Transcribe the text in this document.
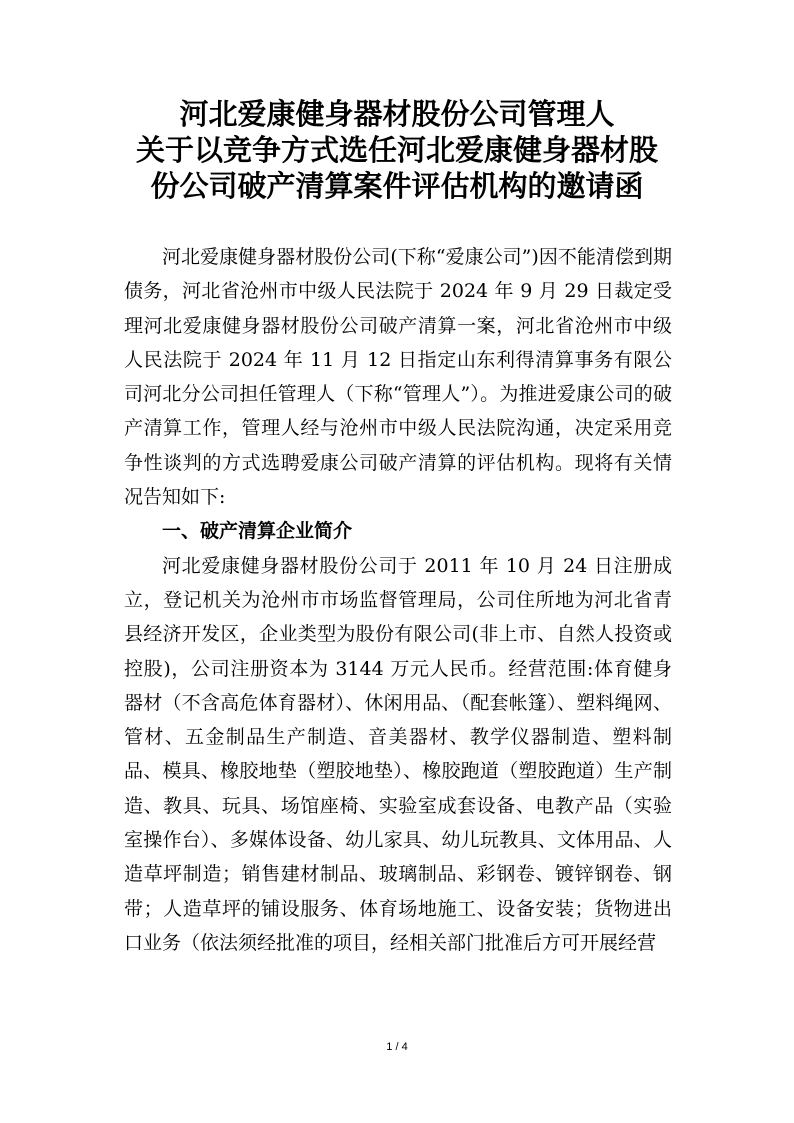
河北爱康健身器材股份公司管理人
关于以竞争方式选任河北爱康健身器材股
份公司破产清算案件评估机构的邀请函

河北爱康健身器材股份公司(下称“爱康公司”)因不能清偿到期债务，河北省沧州市中级人民法院于 2024 年 9 月 29 日裁定受理河北爱康健身器材股份公司破产清算一案，河北省沧州市中级人民法院于 2024 年 11 月 12 日指定山东利得清算事务有限公司河北分公司担任管理人（下称“管理人”）。为推进爱康公司的破产清算工作，管理人经与沧州市中级人民法院沟通，决定采用竞争性谈判的方式选聘爱康公司破产清算的评估机构。现将有关情况告知如下:

一、破产清算企业简介

河北爱康健身器材股份公司于 2011 年 10 月 24 日注册成立，登记机关为沧州市市场监督管理局，公司住所地为河北省青县经济开发区，企业类型为股份有限公司(非上市、自然人投资或控股)，公司注册资本为 3144 万元人民币。经营范围:体育健身器材（不含高危体育器材）、休闲用品、（配套帐篷）、塑料绳网、管材、五金制品生产制造、音美器材、教学仪器制造、塑料制品、模具、橡胶地垫（塑胶地垫）、橡胶跑道（塑胶跑道）生产制造、教具、玩具、场馆座椅、实验室成套设备、电教产品（实验室操作台）、多媒体设备、幼儿家具、幼儿玩教具、文体用品、人造草坪制造；销售建材制品、玻璃制品、彩钢卷、镀锌钢卷、钢带；人造草坪的铺设服务、体育场地施工、设备安装；货物进出口业务（依法须经批准的项目，经相关部门批准后方可开展经营

1 / 4
